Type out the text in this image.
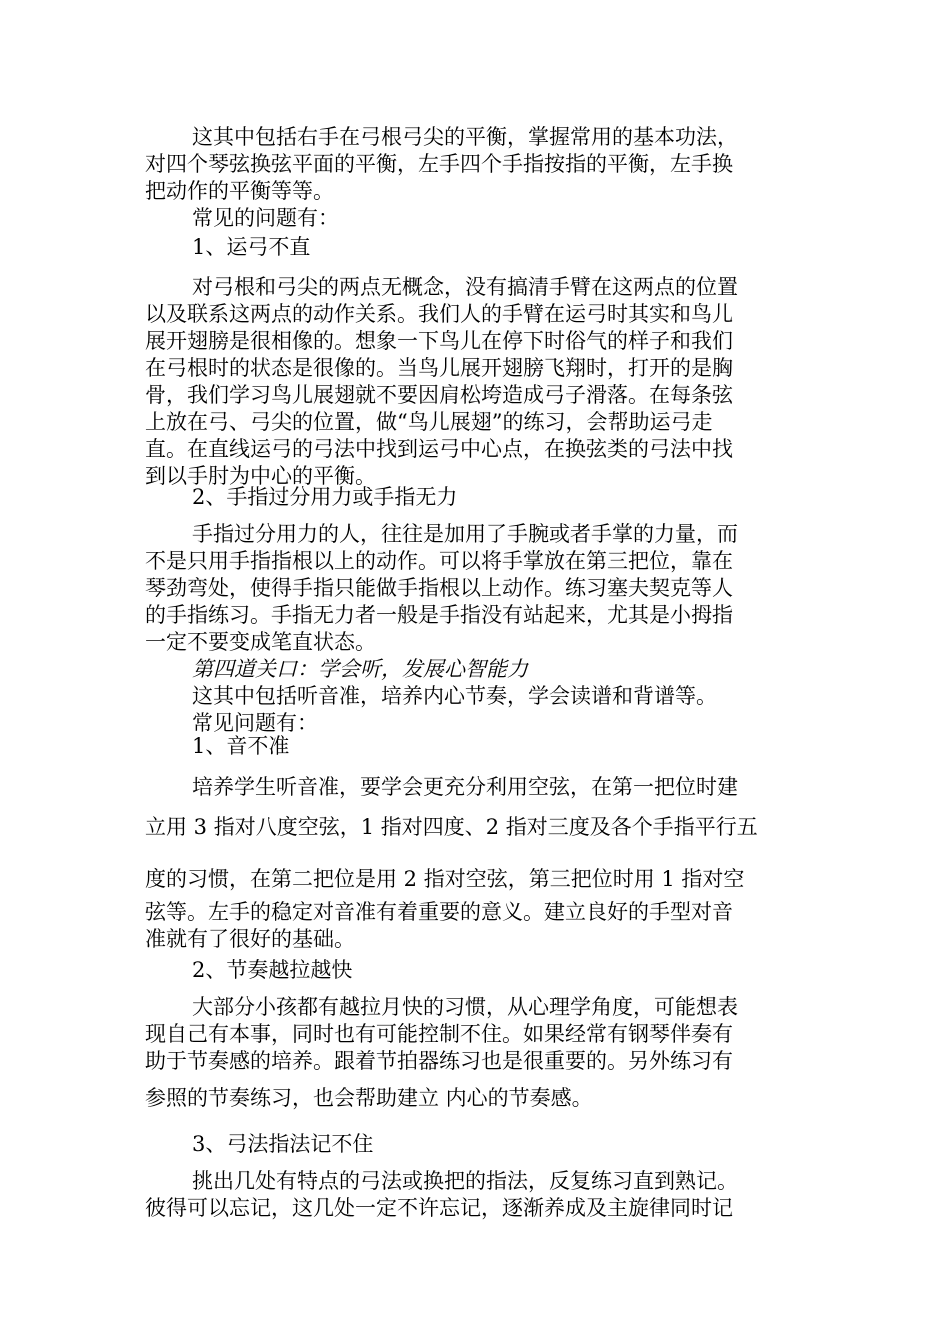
这其中包括右手在弓根弓尖的平衡，掌握常用的基本功法，
对四个琴弦换弦平面的平衡，左手四个手指按指的平衡，左手换
把动作的平衡等等。
常见的问题有：
1、运弓不直
对弓根和弓尖的两点无概念，没有搞清手臂在这两点的位置
以及联系这两点的动作关系。我们人的手臂在运弓时其实和鸟儿
展开翅膀是很相像的。想象一下鸟儿在停下时俗气的样子和我们
在弓根时的状态是很像的。当鸟儿展开翅膀飞翔时，打开的是胸
骨，我们学习鸟儿展翅就不要因肩松垮造成弓子滑落。在每条弦
上放在弓、弓尖的位置，做“鸟儿展翅”的练习，会帮助运弓走
直。在直线运弓的弓法中找到运弓中心点，在换弦类的弓法中找
到以手肘为中心的平衡。
2、手指过分用力或手指无力
手指过分用力的人，往往是加用了手腕或者手掌的力量，而
不是只用手指指根以上的动作。可以将手掌放在第三把位，靠在
琴劲弯处，使得手指只能做手指根以上动作。练习塞夫契克等人
的手指练习。手指无力者一般是手指没有站起来，尤其是小拇指
一定不要变成笔直状态。
第四道关口：学会听，发展心智能力
这其中包括听音准，培养内心节奏，学会读谱和背谱等。
常见问题有：
1、音不准
培养学生听音准，要学会更充分利用空弦，在第一把位时建
立用 3 指对八度空弦，1 指对四度、2 指对三度及各个手指平行五
度的习惯，在第二把位是用 2 指对空弦，第三把位时用 1 指对空
弦等。左手的稳定对音准有着重要的意义。建立良好的手型对音
准就有了很好的基础。
2、节奏越拉越快
大部分小孩都有越拉月快的习惯，从心理学角度，可能想表
现自己有本事，同时也有可能控制不住。如果经常有钢琴伴奏有
助于节奏感的培养。跟着节拍器练习也是很重要的。另外练习有
参照的节奏练习，也会帮助建立 内心的节奏感。
3、弓法指法记不住
挑出几处有特点的弓法或换把的指法，反复练习直到熟记。
彼得可以忘记，这几处一定不许忘记，逐渐养成及主旋律同时记
